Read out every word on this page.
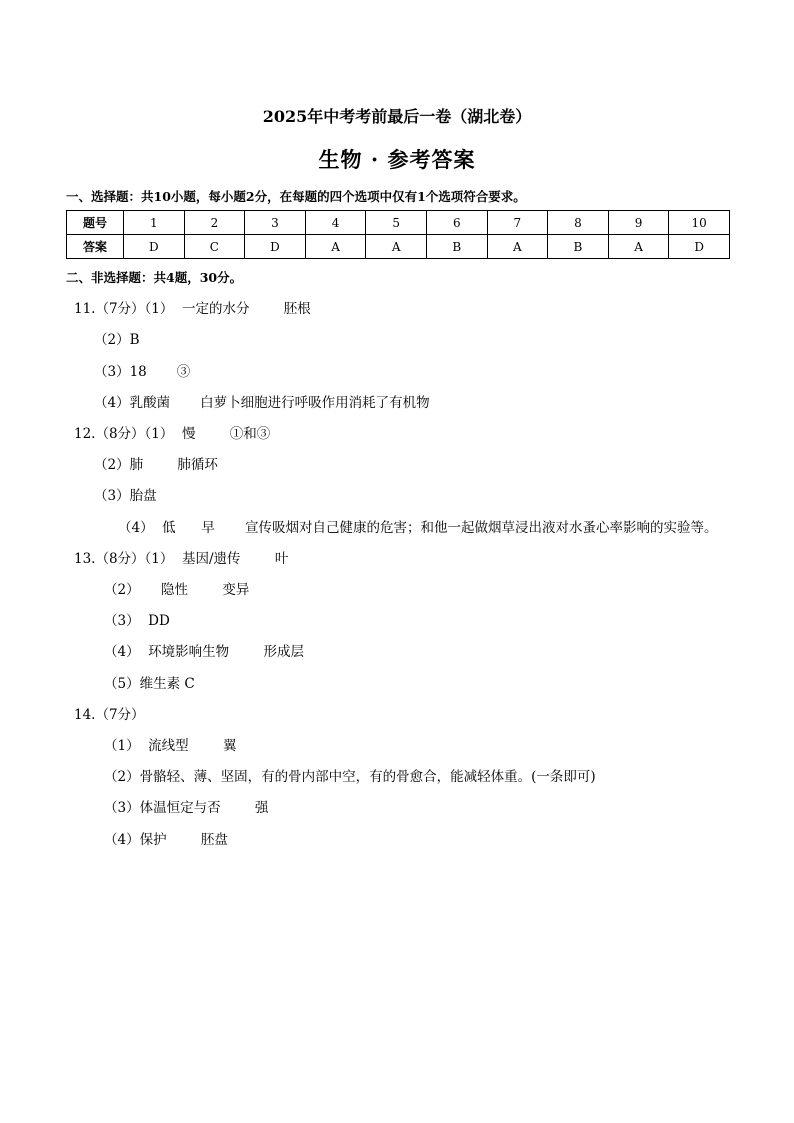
2025年中考考前最后一卷（湖北卷）
生物 · 参考答案
一、选择题：共10小题，每小题2分，在每题的四个选项中仅有1个选项符合要求。
题号	1	2	3	4	5	6	7	8	9	10
答案	D	C	D	A	A	B	A	B	A	D
二、非选择题：共4题，30分。
11.（7分）（1）  一定的水分        胚根
（2）B
（3）18       ③
（4）乳酸菌       白萝卜细胞进行呼吸作用消耗了有机物
12.（8分）（1）  慢        ①和③
（2）肺        肺循环
（3）胎盘
（4）  低      早       宣传吸烟对自己健康的危害；和他一起做烟草浸出液对水蚤心率影响的实验等。
13.（8分）（1）  基因/遗传        叶
（2）     隐性        变异
（3）  DD
（4）  环境影响生物        形成层
（5）维生素 C
14.（7分）
（1）  流线型        翼
（2）骨骼轻、薄、坚固，有的骨内部中空，有的骨愈合，能减轻体重。(一条即可)
（3）体温恒定与否        强
（4）保护        胚盘
